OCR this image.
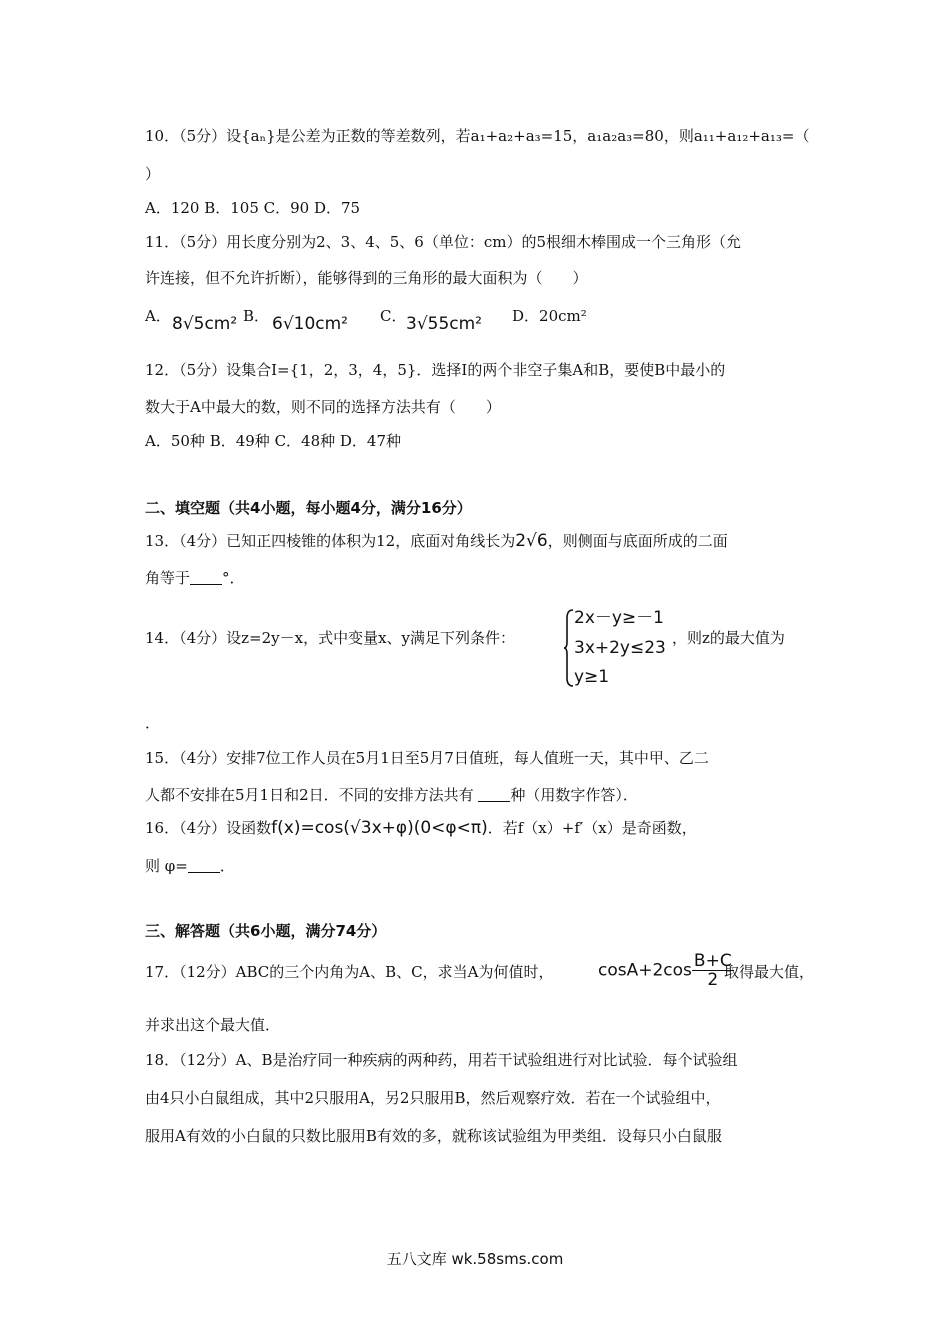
10．（5分）设{aₙ}是公差为正数的等差数列，若a₁+a₂+a₃=15，a₁a₂a₃=80，则a₁₁+a₁₂+a₁₃=（
）
A．120 B．105 C．90 D．75
11．（5分）用长度分别为2、3、4、5、6（单位：cm）的5根细木棒围成一个三角形（允
许连接，但不允许折断），能够得到的三角形的最大面积为（　　）
A． 8√5cm² B． 6√10cm² C． 3√55cm² D．20cm²
12．（5分）设集合I={1，2，3，4，5}．选择I的两个非空子集A和B，要使B中最小的
数大于A中最大的数，则不同的选择方法共有（　　）
A．50种 B．49种 C．48种 D．47种
二、填空题（共4小题，每小题4分，满分16分）
13．（4分）已知正四棱锥的体积为12，底面对角线长为2√6，则侧面与底面所成的二面
角等于 °．
14．（4分）设z=2y－x，式中变量x、y满足下列条件：
2x－y≥－1
3x+2y≤23
y≥1
，则z的最大值为
．
15．（4分）安排7位工作人员在5月1日至5月7日值班，每人值班一天，其中甲、乙二
人都不安排在5月1日和2日．不同的安排方法共有 种（用数字作答）．
16．（4分）设函数f(x)=cos(√3x+φ)(0<φ<π)．若f（x）+f′（x）是奇函数，
则 φ= ．
三、解答题（共6小题，满分74分）
17．（12分）ABC的三个内角为A、B、C，求当A为何值时，	$\cos A+2\cos \frac{B+C}{2}$
取得最大值，
并求出这个最大值．
18．（12分）A、B是治疗同一种疾病的两种药，用若干试验组进行对比试验．每个试验组
由4只小白鼠组成，其中2只服用A，另2只服用B，然后观察疗效．若在一个试验组中，
服用A有效的小白鼠的只数比服用B有效的多，就称该试验组为甲类组．设每只小白鼠服
五八文库 wk.58sms.com
